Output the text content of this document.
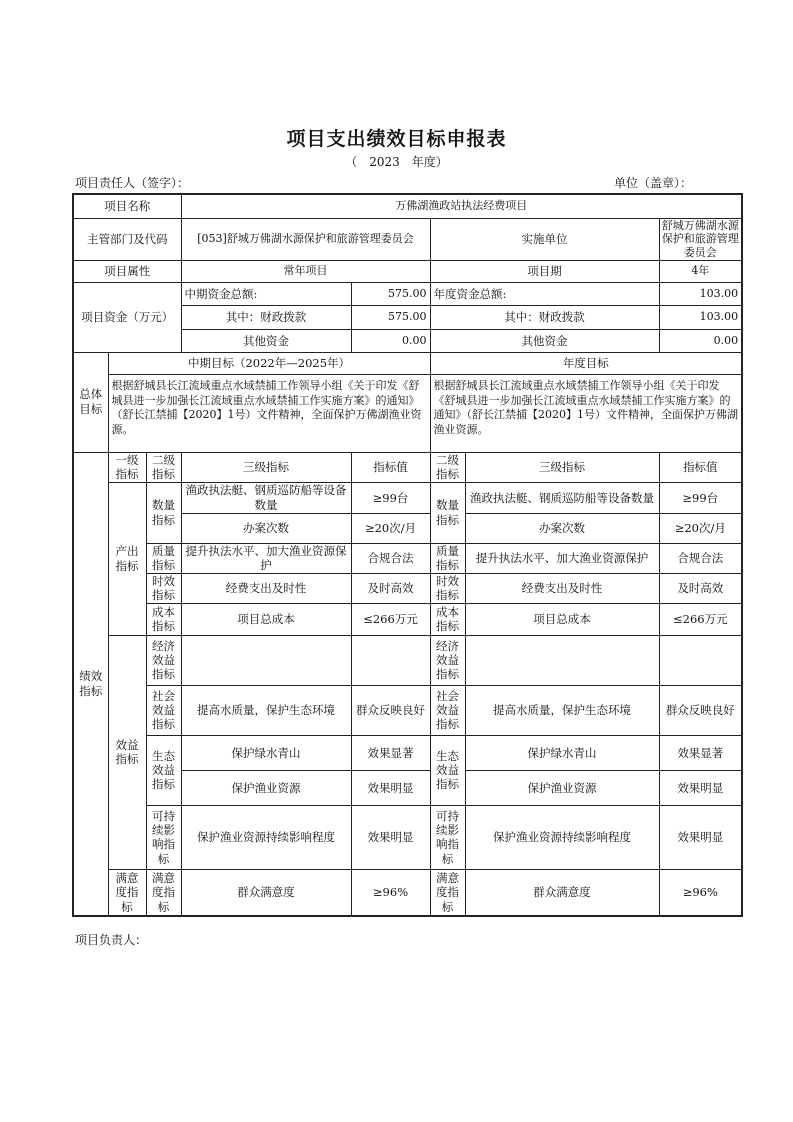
项目支出绩效目标申报表
（　2023　年度）
项目责任人（签字）：	单位（盖章）：
项目名称			万佛湖渔政站执法经费项目				
主管部门及代码			[053]舒城万佛湖水源保护和旅游管理委员会		实施单位		舒城万佛湖水源保护和旅游管理委员会
项目属性			常年项目		项目期		4年
项目资金（万元）			中期资金总额:	575.00	年度资金总额:		103.00
			其中：财政拨款	575.00	其中：财政拨款		103.00
			其他资金	0.00	其他资金		0.00
总体目标	中期目标（2022年—2025年）				年度目标		
	根据舒城县长江流域重点水域禁捕工作领导小组《关于印发《舒城县进一步加强长江流域重点水域禁捕工作实施方案》的通知》（舒长江禁捕【2020】1号）文件精神，全面保护万佛湖渔业资源。				根据舒城县长江流域重点水域禁捕工作领导小组《关于印发《舒城县进一步加强长江流域重点水域禁捕工作实施方案》的通知》（舒长江禁捕【2020】1号）文件精神，全面保护万佛湖渔业资源。		
绩效指标	一级指标	二级指标	三级指标	指标值	二级指标	三级指标	指标值
	产出指标	数量指标	渔政执法艇、钢质巡防船等设备数量	≥99台	数量指标	渔政执法艇、钢质巡防船等设备数量	≥99台
			办案次数	≥20次/月		办案次数	≥20次/月
		质量指标	提升执法水平、加大渔业资源保护	合规合法	质量指标	提升执法水平、加大渔业资源保护	合规合法
		时效指标	经费支出及时性	及时高效	时效指标	经费支出及时性	及时高效
		成本指标	项目总成本	≤266万元	成本指标	项目总成本	≤266万元

	效益指标	经济效益指标			经济效益指标		
		社会效益指标	提高水质量，保护生态环境	群众反映良好	社会效益指标	提高水质量，保护生态环境	群众反映良好
		生态效益指标	保护绿水青山	效果显著	生态效益指标	保护绿水青山	效果显著
			保护渔业资源	效果明显		保护渔业资源	效果明显
		可持续影响指标	保护渔业资源持续影响程度	效果明显	可持续影响指标	保护渔业资源持续影响程度	效果明显

	满意度指标	满意度指标	群众满意度	≥96%	满意度指标	群众满意度	≥96%
项目负责人：
